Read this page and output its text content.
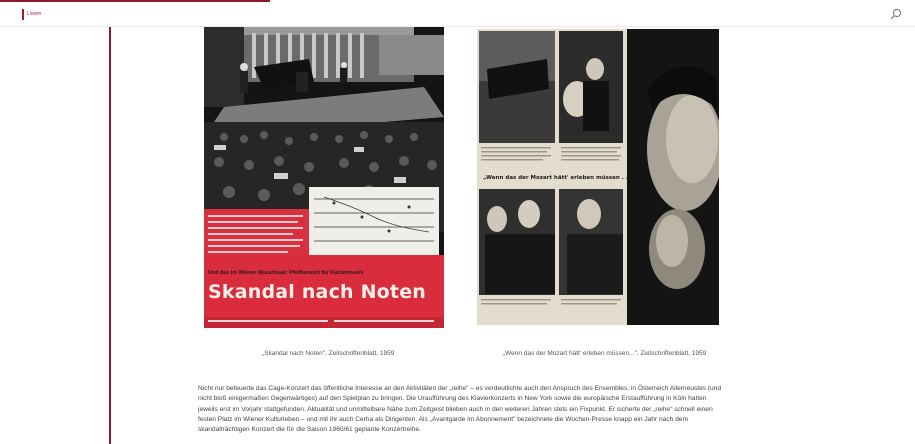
Lorem
Und das im Wiener Mozartsaal: Pfeifkonzert für Katzenmusik
Skandal nach Noten
„Wenn das der Mozart hätt' erleben müssen . . ."
„Skandal nach Noten", Zeitschriftenblatt, 1959	„Wenn das der Mozart hätt' erleben müssen...", Zeitschriftenblatt, 1959

Nicht nur befeuerte das Cage-Konzert das öffentliche Interesse an den Aktivitäten der „reihe" – es verdeutlichte auch den Anspruch des Ensembles, in Österreich Allerneustes (und nicht bloß einigermaßen Gegenwärtiges) auf den Spielplan zu bringen. Die Uraufführung des Klavierkonzerts in New York sowie die europäische Erstaufführung in Köln hatten jeweils erst im Vorjahr stattgefunden. Aktualität und unmittelbare Nähe zum Zeitgeist blieben auch in den weiteren Jahren stets ein Fixpunkt. Er sicherte der „reihe" schnell einen festen Platz im Wiener Kulturleben – und mit ihr auch Cerha als Dirigenten. Als „Avantgarde im Abonnement" bezeichnete die Wochen-Presse knapp ein Jahr nach dem skandalträchtigen Konzert die für die Saison 1960/61 geplante Konzertreihe.
